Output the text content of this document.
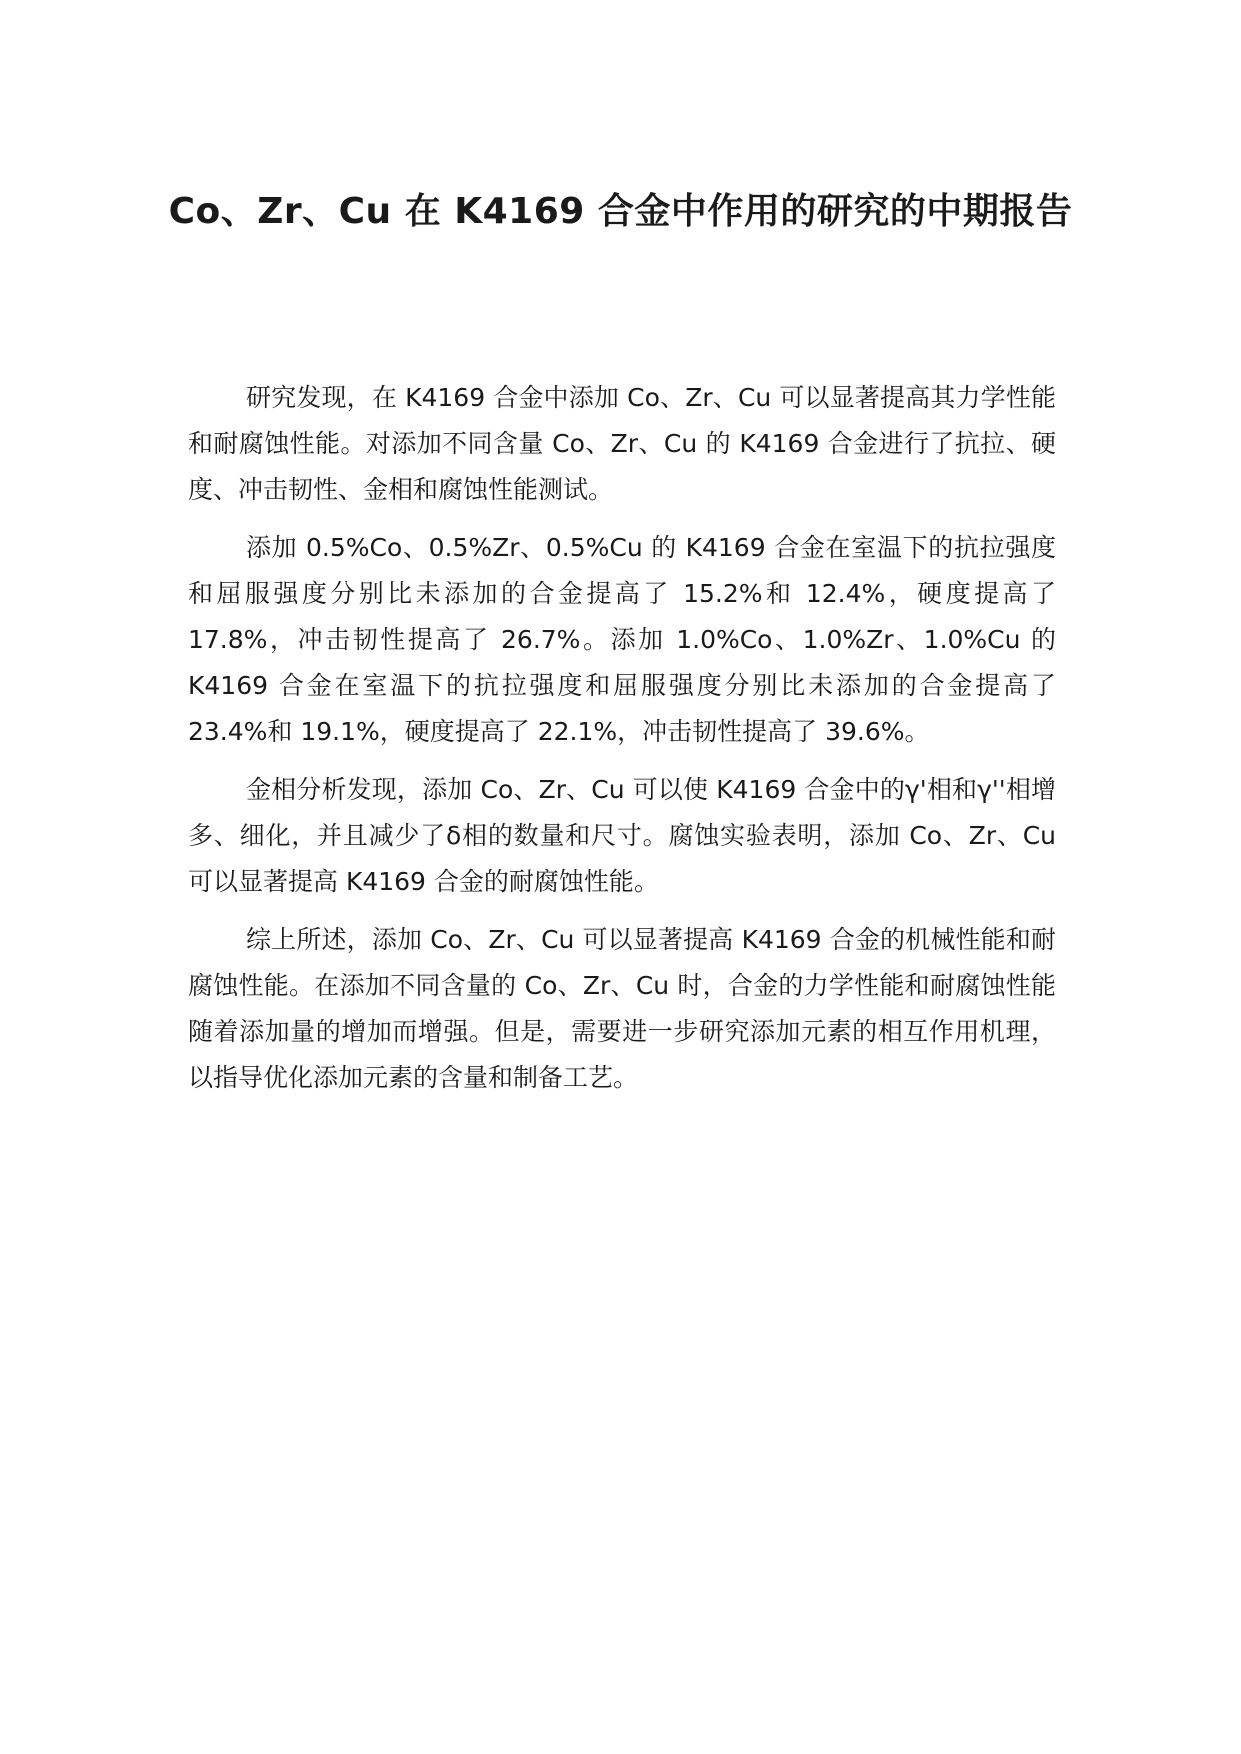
Co、Zr、Cu 在 K4169 合金中作用的研究的中期报告

研究发现，在 K4169 合金中添加 Co、Zr、Cu 可以显著提高其力学性能和耐腐蚀性能。对添加不同含量 Co、Zr、Cu 的 K4169 合金进行了抗拉、硬度、冲击韧性、金相和腐蚀性能测试。

添加 0.5%Co、0.5%Zr、0.5%Cu 的 K4169 合金在室温下的抗拉强度和屈服强度分别比未添加的合金提高了 15.2%和 12.4%，硬度提高了 17.8%，冲击韧性提高了 26.7%。添加 1.0%Co、1.0%Zr、1.0%Cu 的 K4169 合金在室温下的抗拉强度和屈服强度分别比未添加的合金提高了 23.4%和 19.1%，硬度提高了 22.1%，冲击韧性提高了 39.6%。

金相分析发现，添加 Co、Zr、Cu 可以使 K4169 合金中的γ'相和γ''相增多、细化，并且减少了δ相的数量和尺寸。腐蚀实验表明，添加 Co、Zr、Cu 可以显著提高 K4169 合金的耐腐蚀性能。

综上所述，添加 Co、Zr、Cu 可以显著提高 K4169 合金的机械性能和耐腐蚀性能。在添加不同含量的 Co、Zr、Cu 时，合金的力学性能和耐腐蚀性能随着添加量的增加而增强。但是，需要进一步研究添加元素的相互作用机理，以指导优化添加元素的含量和制备工艺。
